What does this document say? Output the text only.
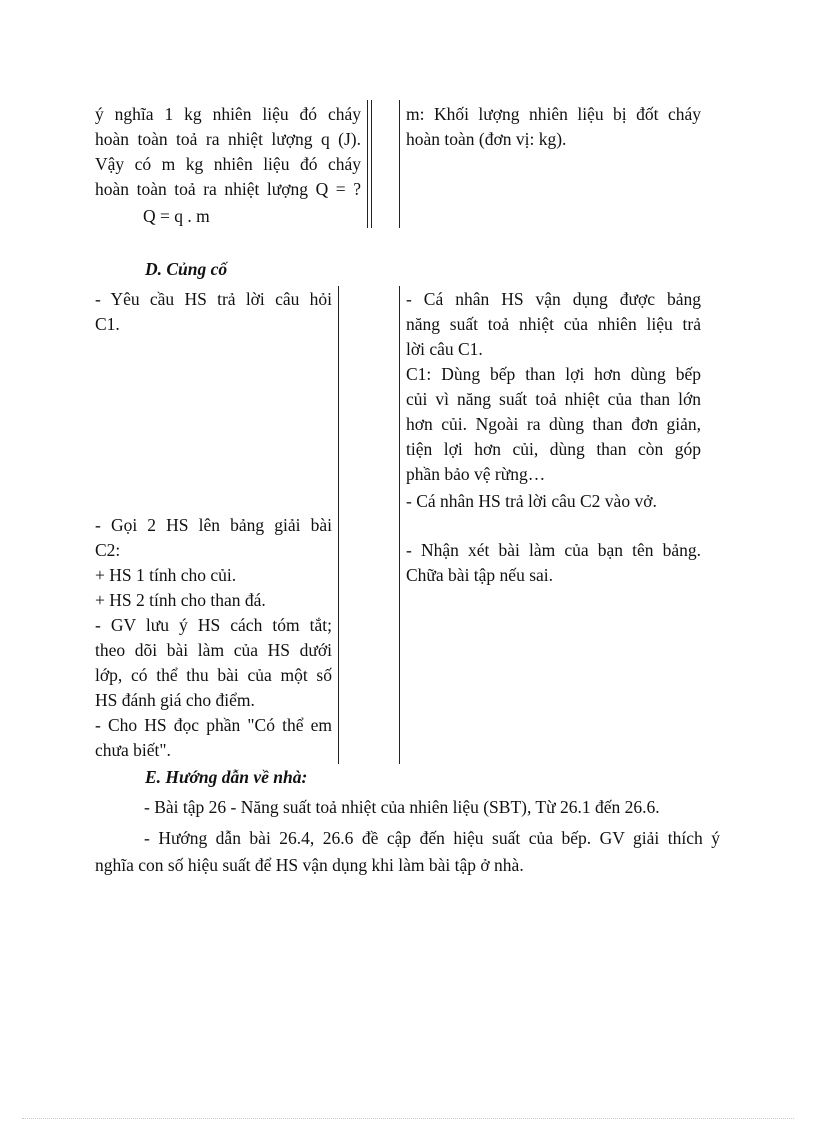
ý nghĩa 1 kg nhiên liệu đó cháy
hoàn toàn toả ra nhiệt lượng q (J).
Vậy có m kg nhiên liệu đó cháy
hoàn toàn toả ra nhiệt lượng Q = ?
Q = q . m
m: Khối lượng nhiên liệu bị đốt cháy
hoàn toàn (đơn vị: kg).
D. Củng cố
- Yêu cầu HS trả lời câu hỏi
C1.
- Gọi 2 HS lên bảng giải bài
C2:
+ HS 1 tính cho củi.
+ HS 2 tính cho than đá.
- GV lưu ý HS cách tóm tắt;
theo dõi bài làm của HS dưới
lớp, có thể thu bài của một số
HS đánh giá cho điểm.
- Cho HS đọc phần "Có thể em
chưa biết".
- Cá nhân HS vận dụng được bảng
năng suất toả nhiệt của nhiên liệu trả
lời câu C1.
C1: Dùng bếp than lợi hơn dùng bếp
củi vì năng suất toả nhiệt của than lớn
hơn củi. Ngoài ra dùng than đơn giản,
tiện lợi hơn củi, dùng than còn góp
phần bảo vệ rừng…
- Cá nhân HS trả lời câu C2 vào vở.
- Nhận xét bài làm của bạn tên bảng.
Chữa bài tập nếu sai.
E. Hướng dẫn về nhà:
- Bài tập 26 - Năng suất toả nhiệt của nhiên liệu (SBT), Từ 26.1 đến 26.6.
- Hướng dẫn bài 26.4, 26.6 đề cập đến hiệu suất của bếp. GV giải thích ý
nghĩa con số hiệu suất để HS vận dụng khi làm bài tập ở nhà.
